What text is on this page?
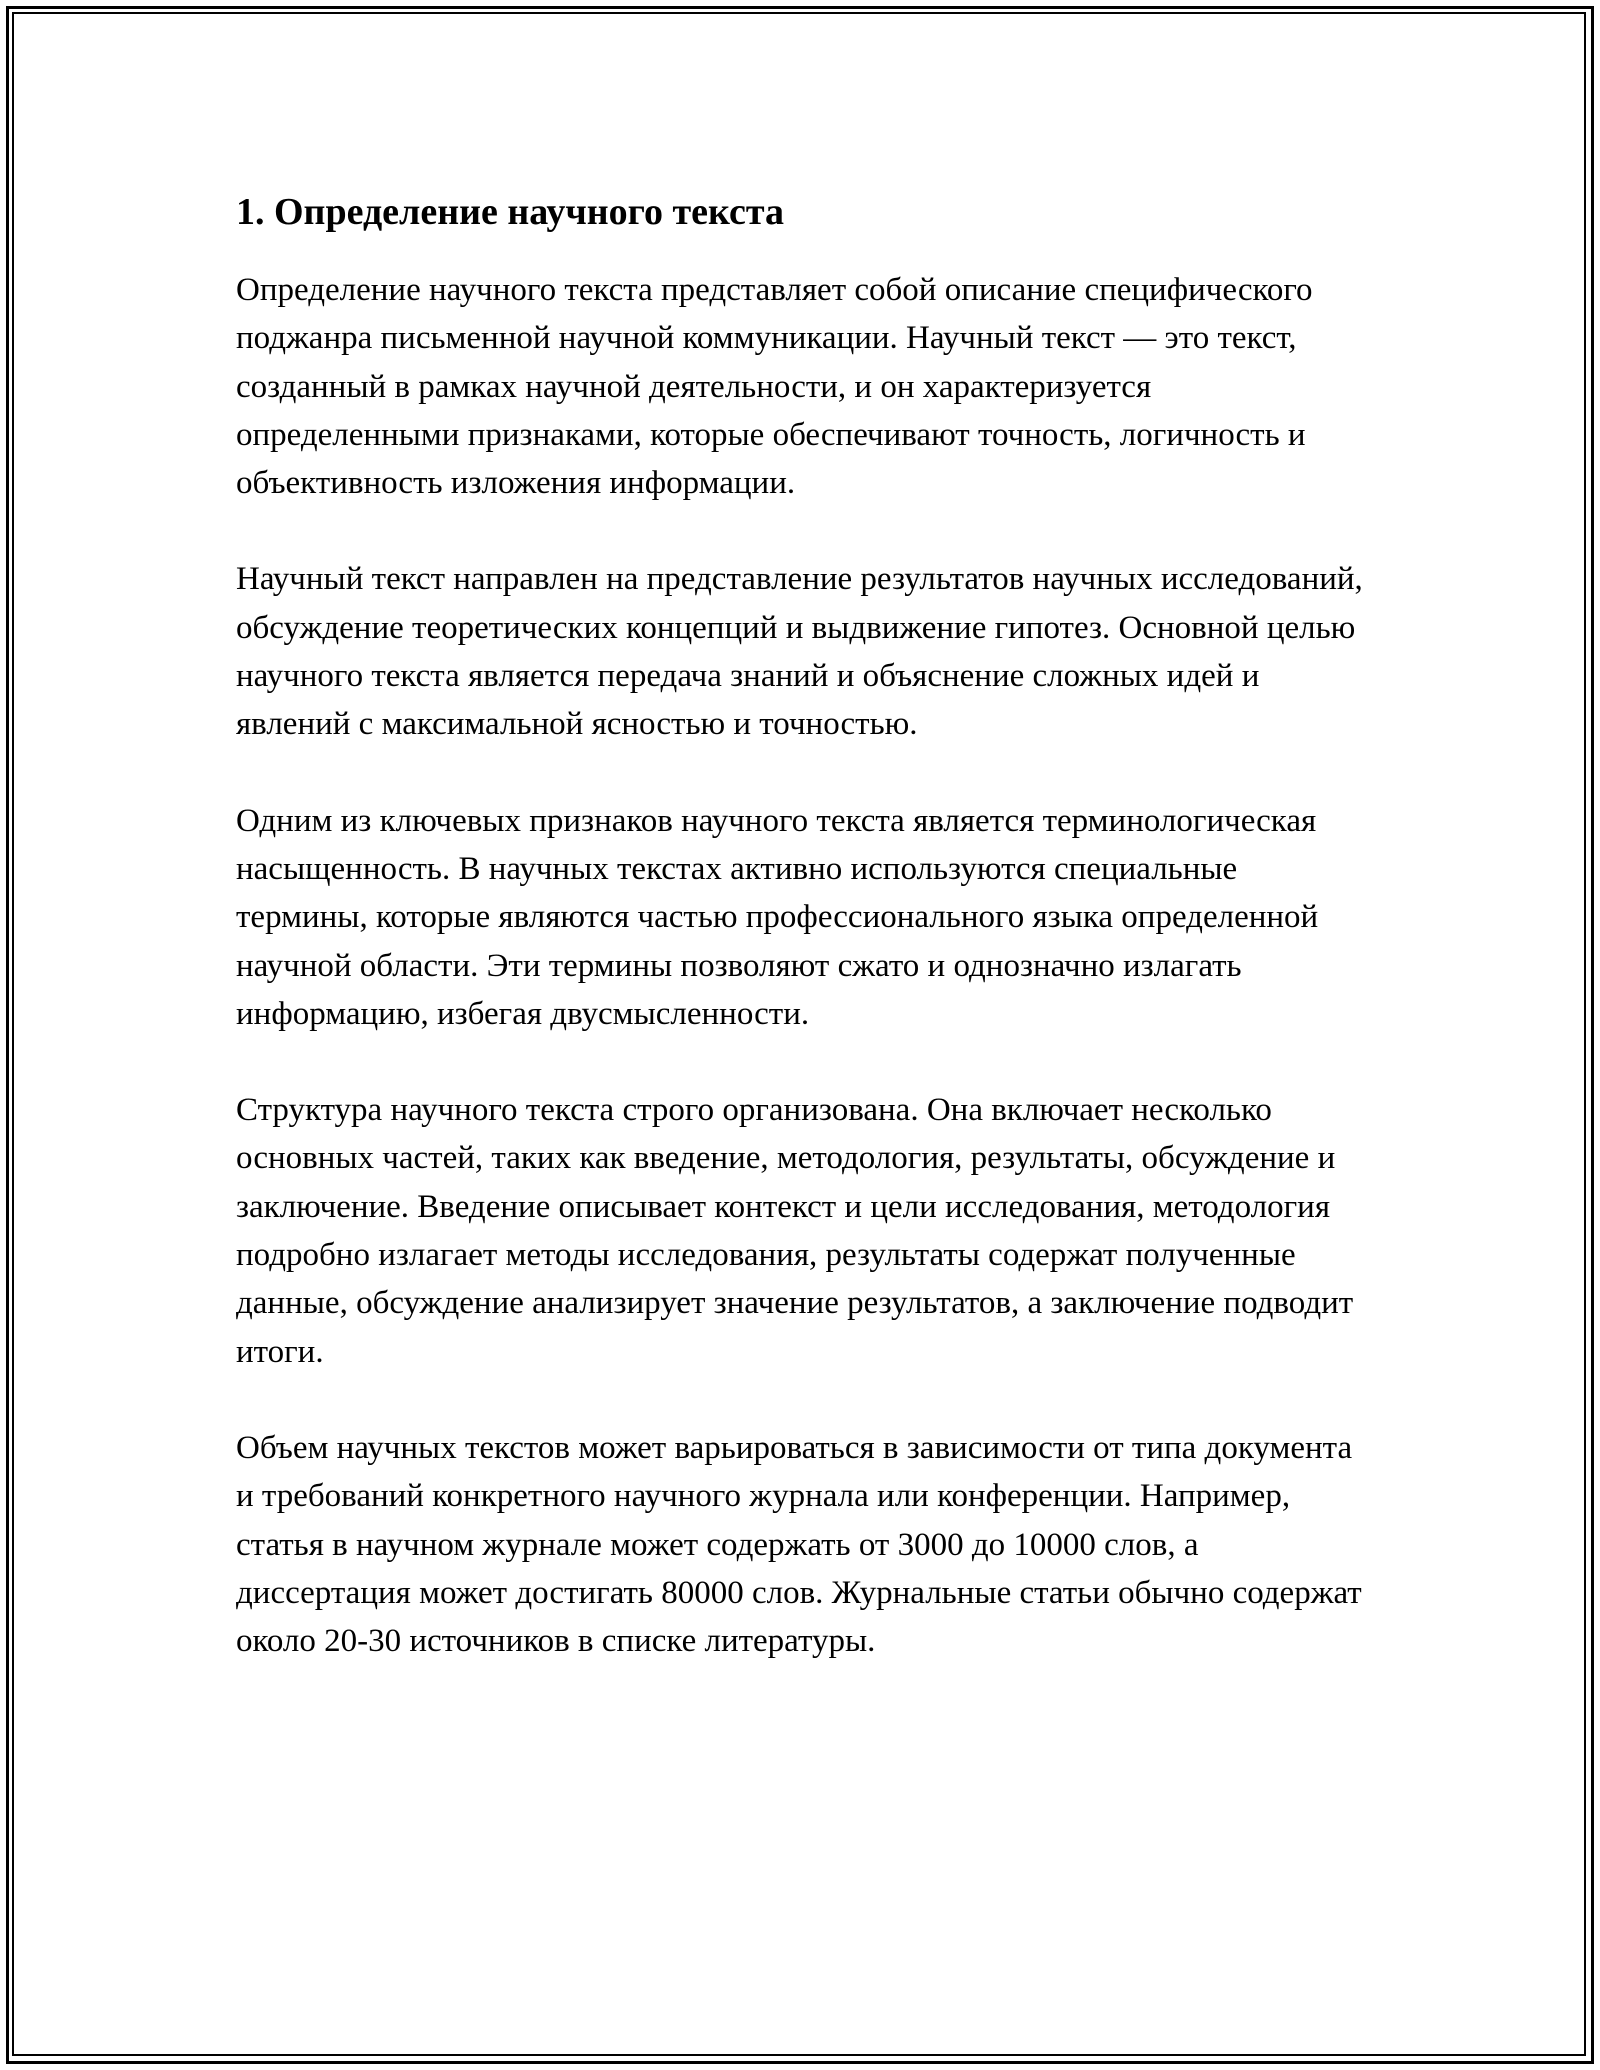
1. Определение научного текста

Определение научного текста представляет собой описание специфического поджанра письменной научной коммуникации. Научный текст — это текст, созданный в рамках научной деятельности, и он характеризуется определенными признаками, которые обеспечивают точность, логичность и объективность изложения информации.

Научный текст направлен на представление результатов научных исследований, обсуждение теоретических концепций и выдвижение гипотез. Основной целью научного текста является передача знаний и объяснение сложных идей и явлений с максимальной ясностью и точностью.

Одним из ключевых признаков научного текста является терминологическая насыщенность. В научных текстах активно используются специальные термины, которые являются частью профессионального языка определенной научной области. Эти термины позволяют сжато и однозначно излагать информацию, избегая двусмысленности.

Структура научного текста строго организована. Она включает несколько основных частей, таких как введение, методология, результаты, обсуждение и заключение. Введение описывает контекст и цели исследования, методология подробно излагает методы исследования, результаты содержат полученные данные, обсуждение анализирует значение результатов, а заключение подводит итоги.

Объем научных текстов может варьироваться в зависимости от типа документа и требований конкретного научного журнала или конференции. Например, статья в научном журнале может содержать от 3000 до 10000 слов, а диссертация может достигать 80000 слов. Журнальные статьи обычно содержат около 20-30 источников в списке литературы.
